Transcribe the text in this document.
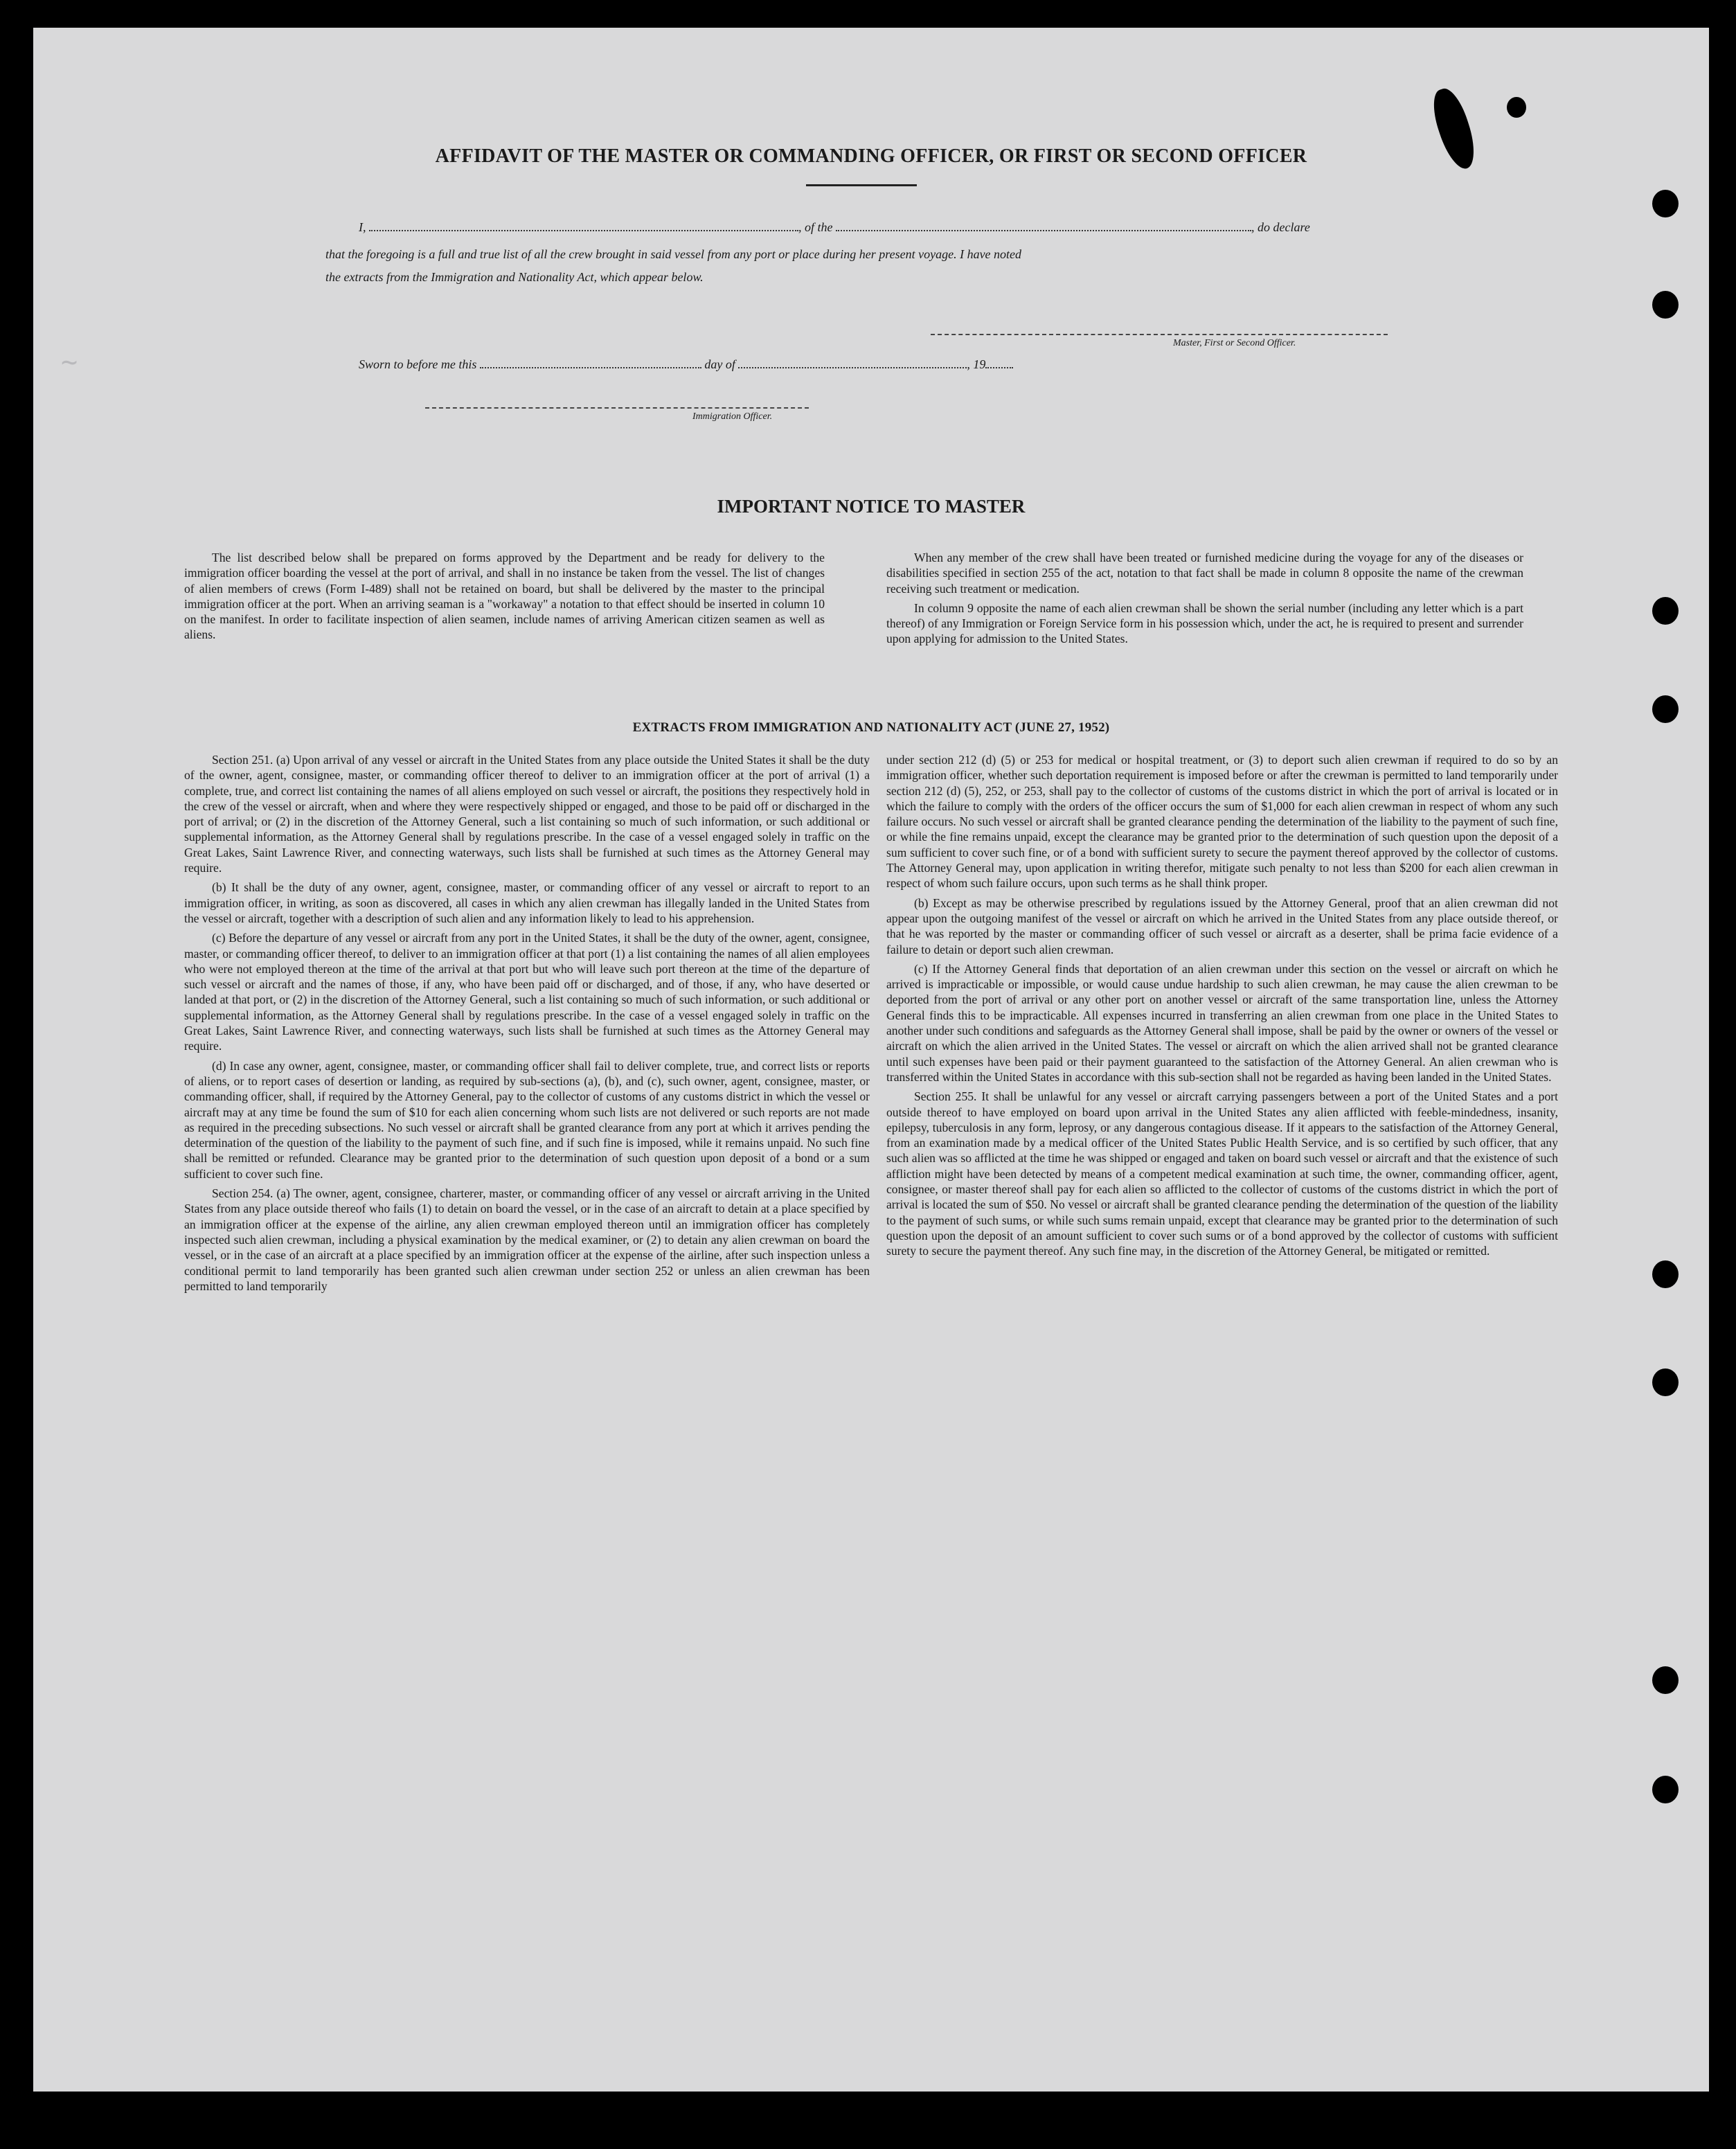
~
AFFIDAVIT OF THE MASTER OR COMMANDING OFFICER, OR FIRST OR SECOND OFFICER
I,	, of the	, do declare
that the foregoing is a full and true list of all the crew brought in said vessel from any port or place during her present voyage. I have noted
the extracts from the Immigration and Nationality Act, which appear below.
Master, First or Second Officer.
Sworn to before me this	day of	, 19
Immigration Officer.
IMPORTANT NOTICE TO MASTER

The list described below shall be prepared on forms approved by the Department and be ready for delivery to the immigration officer boarding the vessel at the port of arrival, and shall in no instance be taken from the vessel. The list of changes of alien members of crews (Form I-489) shall not be retained on board, but shall be delivered by the master to the principal immigration officer at the port. When an arriving seaman is a "workaway" a notation to that effect should be inserted in column 10 on the manifest. In order to facilitate inspection of alien seamen, include names of arriving American citizen seamen as well as aliens.

When any member of the crew shall have been treated or furnished medicine during the voyage for any of the diseases or disabilities specified in section 255 of the act, notation to that fact shall be made in column 8 opposite the name of the crewman receiving such treatment or medication.

In column 9 opposite the name of each alien crewman shall be shown the serial number (including any letter which is a part thereof) of any Immigration or Foreign Service form in his possession which, under the act, he is required to present and surrender upon applying for admission to the United States.

EXTRACTS FROM IMMIGRATION AND NATIONALITY ACT (JUNE 27, 1952)

Section 251. (a) Upon arrival of any vessel or aircraft in the United States from any place outside the United States it shall be the duty of the owner, agent, consignee, master, or commanding officer thereof to deliver to an immigration officer at the port of arrival (1) a complete, true, and correct list containing the names of all aliens employed on such vessel or aircraft, the positions they respectively hold in the crew of the vessel or aircraft, when and where they were respectively shipped or engaged, and those to be paid off or discharged in the port of arrival; or (2) in the discretion of the Attorney General, such a list containing so much of such information, or such additional or supplemental information, as the Attorney General shall by regulations prescribe. In the case of a vessel engaged solely in traffic on the Great Lakes, Saint Lawrence River, and connecting waterways, such lists shall be furnished at such times as the Attorney General may require.

(b) It shall be the duty of any owner, agent, consignee, master, or commanding officer of any vessel or aircraft to report to an immigration officer, in writing, as soon as discovered, all cases in which any alien crewman has illegally landed in the United States from the vessel or aircraft, together with a description of such alien and any information likely to lead to his apprehension.

(c) Before the departure of any vessel or aircraft from any port in the United States, it shall be the duty of the owner, agent, consignee, master, or commanding officer thereof, to deliver to an immigration officer at that port (1) a list containing the names of all alien employees who were not employed thereon at the time of the arrival at that port but who will leave such port thereon at the time of the departure of such vessel or aircraft and the names of those, if any, who have been paid off or discharged, and of those, if any, who have deserted or landed at that port, or (2) in the discretion of the Attorney General, such a list containing so much of such information, or such additional or supplemental information, as the Attorney General shall by regulations prescribe. In the case of a vessel engaged solely in traffic on the Great Lakes, Saint Lawrence River, and connecting waterways, such lists shall be furnished at such times as the Attorney General may require.

(d) In case any owner, agent, consignee, master, or commanding officer shall fail to deliver complete, true, and correct lists or reports of aliens, or to report cases of desertion or landing, as required by sub-sections (a), (b), and (c), such owner, agent, consignee, master, or commanding officer, shall, if required by the Attorney General, pay to the collector of customs of any customs district in which the vessel or aircraft may at any time be found the sum of $10 for each alien concerning whom such lists are not delivered or such reports are not made as required in the preceding subsections. No such vessel or aircraft shall be granted clearance from any port at which it arrives pending the determination of the question of the liability to the payment of such fine, and if such fine is imposed, while it remains unpaid. No such fine shall be remitted or refunded. Clearance may be granted prior to the determination of such question upon deposit of a bond or a sum sufficient to cover such fine.

Section 254. (a) The owner, agent, consignee, charterer, master, or commanding officer of any vessel or aircraft arriving in the United States from any place outside thereof who fails (1) to detain on board the vessel, or in the case of an aircraft to detain at a place specified by an immigration officer at the expense of the airline, any alien crewman employed thereon until an immigration officer has completely inspected such alien crewman, including a physical examination by the medical examiner, or (2) to detain any alien crewman on board the vessel, or in the case of an aircraft at a place specified by an immigration officer at the expense of the airline, after such inspection unless a conditional permit to land temporarily has been granted such alien crewman under section 252 or unless an alien crewman has been permitted to land temporarily

under section 212 (d) (5) or 253 for medical or hospital treatment, or (3) to deport such alien crewman if required to do so by an immigration officer, whether such deportation requirement is imposed before or after the crewman is permitted to land temporarily under section 212 (d) (5), 252, or 253, shall pay to the collector of customs of the customs district in which the port of arrival is located or in which the failure to comply with the orders of the officer occurs the sum of $1,000 for each alien crewman in respect of whom any such failure occurs. No such vessel or aircraft shall be granted clearance pending the determination of the liability to the payment of such fine, or while the fine remains unpaid, except the clearance may be granted prior to the determination of such question upon the deposit of a sum sufficient to cover such fine, or of a bond with sufficient surety to secure the payment thereof approved by the collector of customs. The Attorney General may, upon application in writing therefor, mitigate such penalty to not less than $200 for each alien crewman in respect of whom such failure occurs, upon such terms as he shall think proper.

(b) Except as may be otherwise prescribed by regulations issued by the Attorney General, proof that an alien crewman did not appear upon the outgoing manifest of the vessel or aircraft on which he arrived in the United States from any place outside thereof, or that he was reported by the master or commanding officer of such vessel or aircraft as a deserter, shall be prima facie evidence of a failure to detain or deport such alien crewman.

(c) If the Attorney General finds that deportation of an alien crewman under this section on the vessel or aircraft on which he arrived is impracticable or impossible, or would cause undue hardship to such alien crewman, he may cause the alien crewman to be deported from the port of arrival or any other port on another vessel or aircraft of the same transportation line, unless the Attorney General finds this to be impracticable. All expenses incurred in transferring an alien crewman from one place in the United States to another under such conditions and safeguards as the Attorney General shall impose, shall be paid by the owner or owners of the vessel or aircraft on which the alien arrived in the United States. The vessel or aircraft on which the alien arrived shall not be granted clearance until such expenses have been paid or their payment guaranteed to the satisfaction of the Attorney General. An alien crewman who is transferred within the United States in accordance with this sub-section shall not be regarded as having been landed in the United States.

Section 255. It shall be unlawful for any vessel or aircraft carrying passengers between a port of the United States and a port outside thereof to have employed on board upon arrival in the United States any alien afflicted with feeble-mindedness, insanity, epilepsy, tuberculosis in any form, leprosy, or any dangerous contagious disease. If it appears to the satisfaction of the Attorney General, from an examination made by a medical officer of the United States Public Health Service, and is so certified by such officer, that any such alien was so afflicted at the time he was shipped or engaged and taken on board such vessel or aircraft and that the existence of such affliction might have been detected by means of a competent medical examination at such time, the owner, commanding officer, agent, consignee, or master thereof shall pay for each alien so afflicted to the collector of customs of the customs district in which the port of arrival is located the sum of $50. No vessel or aircraft shall be granted clearance pending the determination of the question of the liability to the payment of such sums, or while such sums remain unpaid, except that clearance may be granted prior to the determination of such question upon the deposit of an amount sufficient to cover such sums or of a bond approved by the collector of customs with sufficient surety to secure the payment thereof. Any such fine may, in the discretion of the Attorney General, be mitigated or remitted.
